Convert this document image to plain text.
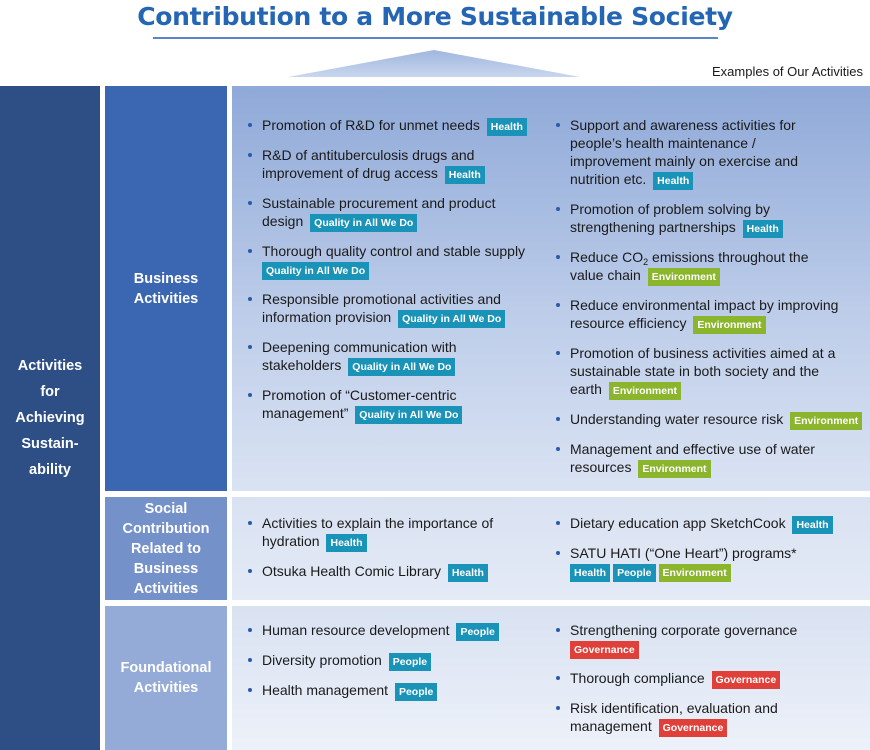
Contribution to a More Sustainable Society
Examples of Our Activities
Activities
for
Achieving
Sustain-
ability
Business
Activities
Social
Contribution
Related to
Business
Activities
Foundational
Activities
Promotion of R&D for unmet needs Health
R&D of antituberculosis drugs and
improvement of drug access Health
Sustainable procurement and product
design Quality in All We Do
Thorough quality control and stable supply
Quality in All We Do
Responsible promotional activities and
information provision Quality in All We Do
Deepening communication with
stakeholders Quality in All We Do
Promotion of “Customer-centric
management” Quality in All We Do
Support and awareness activities for
people’s health maintenance /
improvement mainly on exercise and
nutrition etc. Health
Promotion of problem solving by
strengthening partnerships Health
Reduce $CO_2$ emissions throughout the
value chain Environment
Reduce environmental impact by improving
resource efficiency Environment
Promotion of business activities aimed at a
sustainable state in both society and the
earth Environment
Understanding water resource risk Environment
Management and effective use of water
resources Environment
Activities to explain the importance of
hydration Health
Otsuka Health Comic Library Health
Dietary education app SketchCook Health
SATU HATI (“One Heart”) programs*
Health People Environment
Human resource development People
Diversity promotion People
Health management People
Strengthening corporate governance
Governance
Thorough compliance Governance
Risk identification, evaluation and
management Governance
